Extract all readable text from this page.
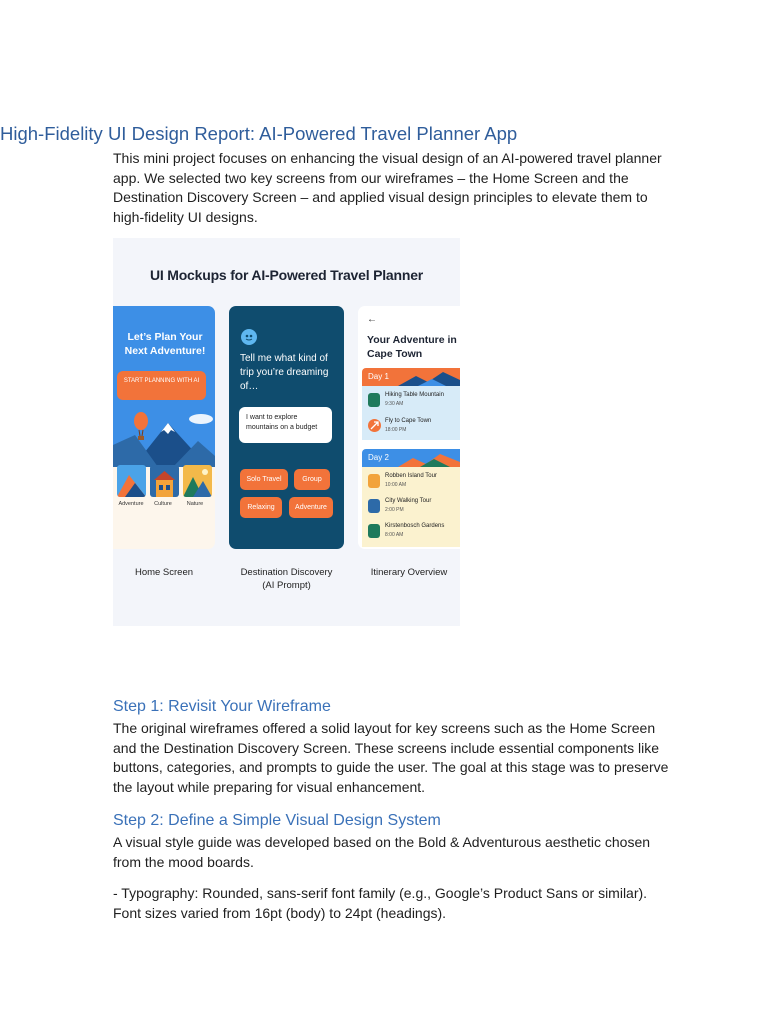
High-Fidelity UI Design Report: AI-Powered Travel Planner App

This mini project focuses on enhancing the visual design of an AI-powered travel planner app. We selected two key screens from our wireframes – the Home Screen and the Destination Discovery Screen – and applied visual design principles to elevate them to high-fidelity UI designs.

UI Mockups for AI-Powered Travel Planner
Let’s Plan Your Next Adventure!
START PLANNING WITH AI
Adventure	Culture	Nature
Tell me what kind of trip you’re dreaming of…
I want to explore mountains on a budget
Solo Travel	Group
Relaxing	Adventure
←
Your Adventure in Cape Town
Day 1
Hiking Table Mountain
9:30 AM
Fly to Cape Town
18:00 PM
Day 2
Robben Island Tour
10:00 AM
City Walking Tour
2:00 PM
Kirstenbosch Gardens
8:00 AM
Home Screen	Destination Discovery
(AI Prompt)
Itinerary Overview
Step 1: Revisit Your Wireframe

The original wireframes offered a solid layout for key screens such as the Home Screen and the Destination Discovery Screen. These screens include essential components like buttons, categories, and prompts to guide the user. The goal at this stage was to preserve the layout while preparing for visual enhancement.

Step 2: Define a Simple Visual Design System

A visual style guide was developed based on the Bold & Adventurous aesthetic chosen from the mood boards.

- Typography: Rounded, sans-serif font family (e.g., Google’s Product Sans or similar). Font sizes varied from 16pt (body) to 24pt (headings).
